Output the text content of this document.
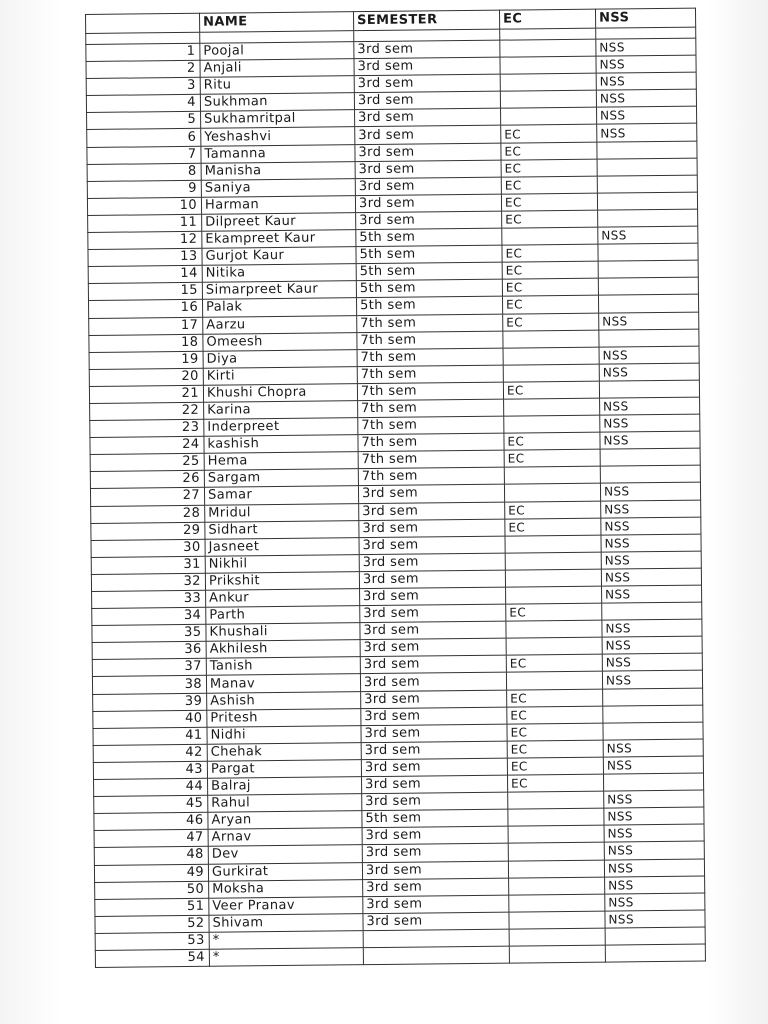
	NAME	SEMESTER	EC	NSS

1	Poojal	3rd sem		NSS
2	Anjali	3rd sem		NSS
3	Ritu	3rd sem		NSS
4	Sukhman	3rd sem		NSS
5	Sukhamritpal	3rd sem		NSS
6	Yeshashvi	3rd sem	EC	NSS
7	Tamanna	3rd sem	EC	
8	Manisha	3rd sem	EC	
9	Saniya	3rd sem	EC	
10	Harman	3rd sem	EC	
11	Dilpreet Kaur	3rd sem	EC	
12	Ekampreet Kaur	5th sem		NSS
13	Gurjot Kaur	5th sem	EC	
14	Nitika	5th sem	EC	
15	Simarpreet Kaur	5th sem	EC	
16	Palak	5th sem	EC	
17	Aarzu	7th sem	EC	NSS
18	Omeesh	7th sem		
19	Diya	7th sem		NSS
20	Kirti	7th sem		NSS
21	Khushi Chopra	7th sem	EC	
22	Karina	7th sem		NSS
23	Inderpreet	7th sem		NSS
24	kashish	7th sem	EC	NSS
25	Hema	7th sem	EC	
26	Sargam	7th sem		
27	Samar	3rd sem		NSS
28	Mridul	3rd sem	EC	NSS
29	Sidhart	3rd sem	EC	NSS
30	Jasneet	3rd sem		NSS
31	Nikhil	3rd sem		NSS
32	Prikshit	3rd sem		NSS
33	Ankur	3rd sem		NSS
34	Parth	3rd sem	EC	
35	Khushali	3rd sem		NSS
36	Akhilesh	3rd sem		NSS
37	Tanish	3rd sem	EC	NSS
38	Manav	3rd sem		NSS
39	Ashish	3rd sem	EC	
40	Pritesh	3rd sem	EC	
41	Nidhi	3rd sem	EC	
42	Chehak	3rd sem	EC	NSS
43	Pargat	3rd sem	EC	NSS
44	Balraj	3rd sem	EC	
45	Rahul	3rd sem		NSS
46	Aryan	5th sem		NSS
47	Arnav	3rd sem		NSS
48	Dev	3rd sem		NSS
49	Gurkirat	3rd sem		NSS
50	Moksha	3rd sem		NSS
51	Veer Pranav	3rd sem		NSS
52	Shivam	3rd sem		NSS
53	*			
54	*			
